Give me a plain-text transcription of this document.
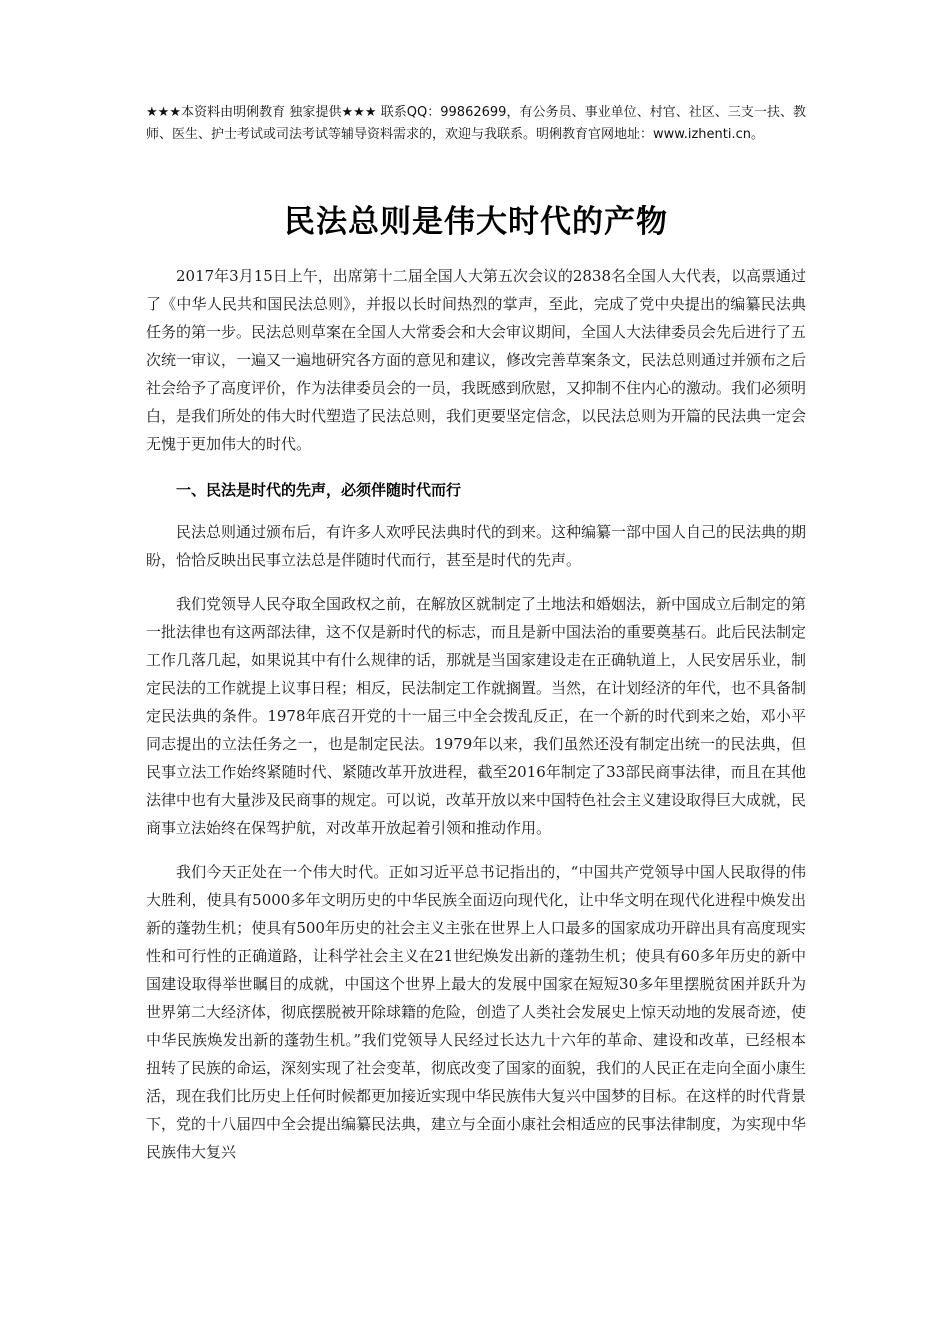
★★★本资料由明俐教育 独家提供★★★ 联系QQ：99862699，有公务员、事业单位、村官、社区、三支一扶、教师、医生、护士考试或司法考试等辅导资料需求的，欢迎与我联系。明俐教育官网地址：www.izhenti.cn。
民法总则是伟大时代的产物

2017年3月15日上午，出席第十二届全国人大第五次会议的2838名全国人大代表，以高票通过了《中华人民共和国民法总则》，并报以长时间热烈的掌声，至此，完成了党中央提出的编纂民法典任务的第一步。民法总则草案在全国人大常委会和大会审议期间，全国人大法律委员会先后进行了五次统一审议，一遍又一遍地研究各方面的意见和建议，修改完善草案条文，民法总则通过并颁布之后社会给予了高度评价，作为法律委员会的一员，我既感到欣慰，又抑制不住内心的激动。我们必须明白，是我们所处的伟大时代塑造了民法总则，我们更要坚定信念，以民法总则为开篇的民法典一定会无愧于更加伟大的时代。

一、民法是时代的先声，必须伴随时代而行

民法总则通过颁布后，有许多人欢呼民法典时代的到来。这种编纂一部中国人自己的民法典的期盼，恰恰反映出民事立法总是伴随时代而行，甚至是时代的先声。

我们党领导人民夺取全国政权之前，在解放区就制定了土地法和婚姻法，新中国成立后制定的第一批法律也有这两部法律，这不仅是新时代的标志，而且是新中国法治的重要奠基石。此后民法制定工作几落几起，如果说其中有什么规律的话，那就是当国家建设走在正确轨道上，人民安居乐业，制定民法的工作就提上议事日程；相反，民法制定工作就搁置。当然，在计划经济的年代，也不具备制定民法典的条件。1978年底召开党的十一届三中全会拨乱反正，在一个新的时代到来之始，邓小平同志提出的立法任务之一，也是制定民法。1979年以来，我们虽然还没有制定出统一的民法典，但民事立法工作始终紧随时代、紧随改革开放进程，截至2016年制定了33部民商事法律，而且在其他法律中也有大量涉及民商事的规定。可以说，改革开放以来中国特色社会主义建设取得巨大成就，民商事立法始终在保驾护航，对改革开放起着引领和推动作用。

我们今天正处在一个伟大时代。正如习近平总书记指出的，“中国共产党领导中国人民取得的伟大胜利，使具有5000多年文明历史的中华民族全面迈向现代化，让中华文明在现代化进程中焕发出新的蓬勃生机；使具有500年历史的社会主义主张在世界上人口最多的国家成功开辟出具有高度现实性和可行性的正确道路，让科学社会主义在21世纪焕发出新的蓬勃生机；使具有60多年历史的新中国建设取得举世瞩目的成就，中国这个世界上最大的发展中国家在短短30多年里摆脱贫困并跃升为世界第二大经济体，彻底摆脱被开除球籍的危险，创造了人类社会发展史上惊天动地的发展奇迹，使中华民族焕发出新的蓬勃生机。”我们党领导人民经过长达九十六年的革命、建设和改革，已经根本扭转了民族的命运，深刻实现了社会变革，彻底改变了国家的面貌，我们的人民正在走向全面小康生活，现在我们比历史上任何时候都更加接近实现中华民族伟大复兴中国梦的目标。在这样的时代背景下，党的十八届四中全会提出编纂民法典，建立与全面小康社会相适应的民事法律制度，为实现中华民族伟大复兴
